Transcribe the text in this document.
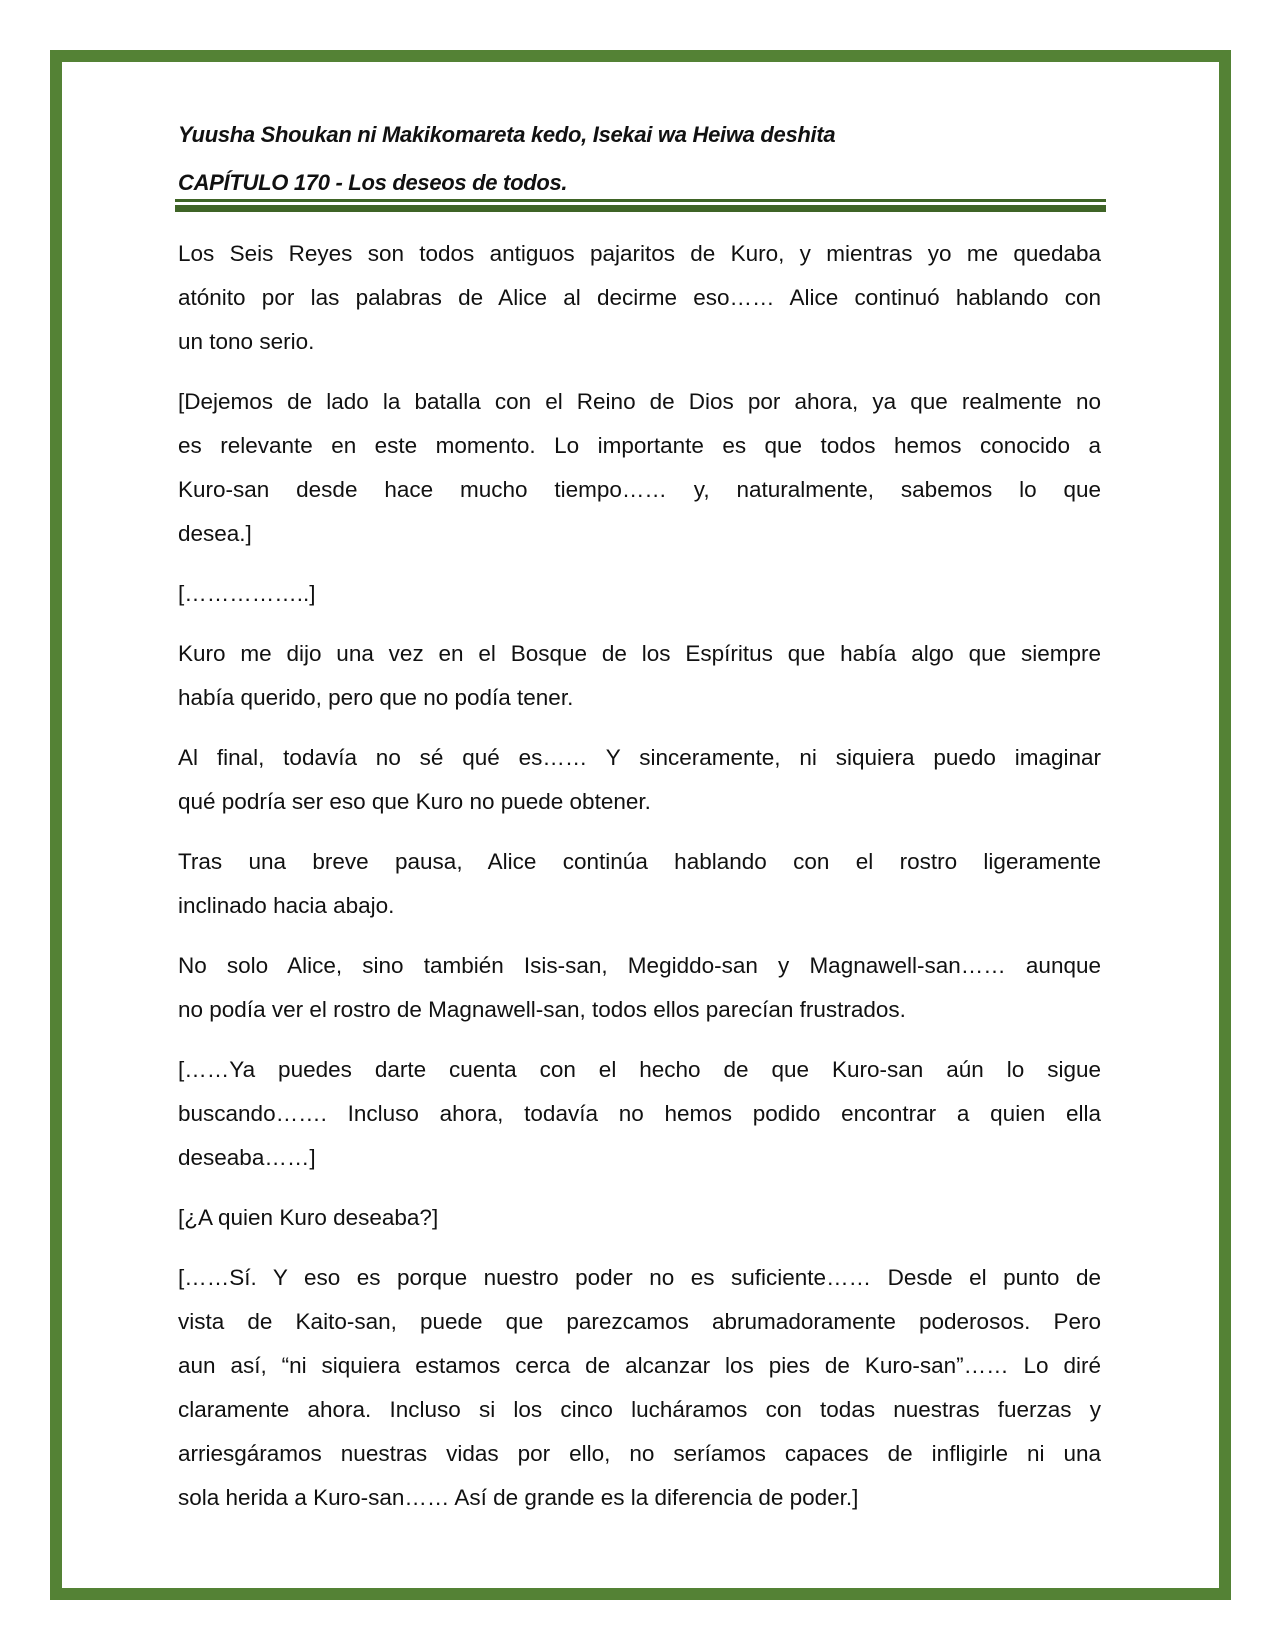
Yuusha Shoukan ni Makikomareta kedo, Isekai wa Heiwa deshita
CAPÍTULO 170 - Los deseos de todos.
Los Seis Reyes son todos antiguos pajaritos de Kuro, y mientras yo me quedaba
atónito por las palabras de Alice al decirme eso…… Alice continuó hablando con
un tono serio.
[Dejemos de lado la batalla con el Reino de Dios por ahora, ya que realmente no
es relevante en este momento. Lo importante es que todos hemos conocido a
Kuro-san desde hace mucho tiempo…… y, naturalmente, sabemos lo que
desea.]
[……………..]
Kuro me dijo una vez en el Bosque de los Espíritus que había algo que siempre
había querido, pero que no podía tener.
Al final, todavía no sé qué es…… Y sinceramente, ni siquiera puedo imaginar
qué podría ser eso que Kuro no puede obtener.
Tras una breve pausa, Alice continúa hablando con el rostro ligeramente
inclinado hacia abajo.
No solo Alice, sino también Isis-san, Megiddo-san y Magnawell-san…… aunque
no podía ver el rostro de Magnawell-san, todos ellos parecían frustrados.
[……Ya puedes darte cuenta con el hecho de que Kuro-san aún lo sigue
buscando……. Incluso ahora, todavía no hemos podido encontrar a quien ella
deseaba……]
[¿A quien Kuro deseaba?]
[……Sí. Y eso es porque nuestro poder no es suficiente…… Desde el punto de
vista de Kaito-san, puede que parezcamos abrumadoramente poderosos. Pero
aun así, “ni siquiera estamos cerca de alcanzar los pies de Kuro-san”…… Lo diré
claramente ahora. Incluso si los cinco lucháramos con todas nuestras fuerzas y
arriesgáramos nuestras vidas por ello, no seríamos capaces de infligirle ni una
sola herida a Kuro-san…… Así de grande es la diferencia de poder.]
